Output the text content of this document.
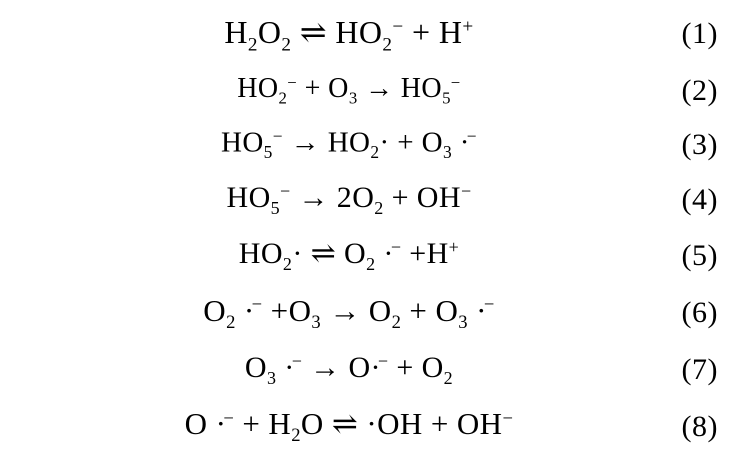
$H_2O_2$ ⇌ $HO_2^- + H^+$	(1)
$HO_2^- + O_3 \to HO_5^-$	(2)
$HO_5^- \to HO_2\cdot + O_3 \cdot^-$	(3)
$HO_5^- \to 2O_2 + OH^-$	(4)
$HO_2\cdot$ ⇌ $O_2 \cdot^- +H^+$	(5)
$O_2 \cdot^- +O_3 \to O_2 + O_3 \cdot^-$	(6)
$O_3 \cdot^- \to O\cdot^- + O_2$	(7)
$O \cdot^- + H_2O$ ⇌ ·OH + OH−	(8)
